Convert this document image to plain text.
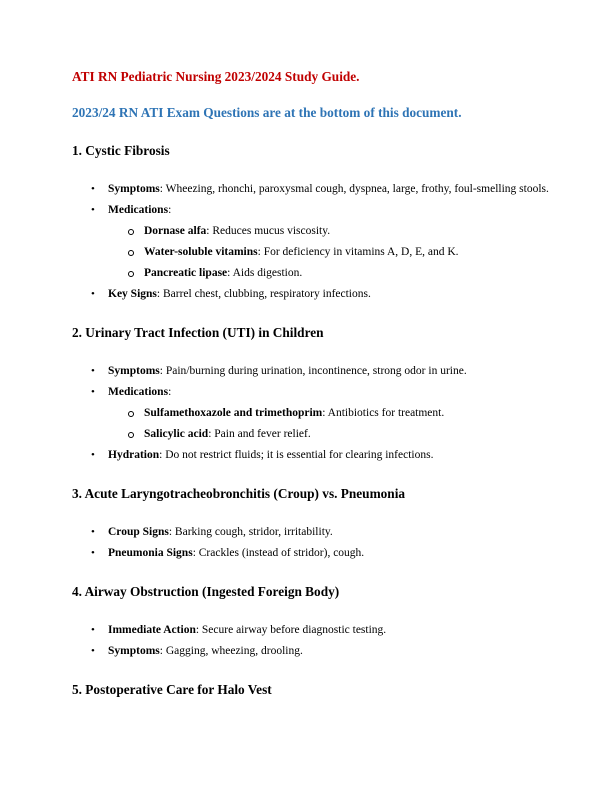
ATI RN Pediatric Nursing 2023/2024 Study Guide.
2023/24 RN ATI Exam Questions are at the bottom of this document.
1. Cystic Fibrosis
• Symptoms: Wheezing, rhonchi, paroxysmal cough, dyspnea, large, frothy, foul-smelling stools.
• Medications:
Dornase alfa: Reduces mucus viscosity.
Water-soluble vitamins: For deficiency in vitamins A, D, E, and K.
Pancreatic lipase: Aids digestion.
• Key Signs: Barrel chest, clubbing, respiratory infections.
2. Urinary Tract Infection (UTI) in Children
• Symptoms: Pain/burning during urination, incontinence, strong odor in urine.
• Medications:
Sulfamethoxazole and trimethoprim: Antibiotics for treatment.
Salicylic acid: Pain and fever relief.
• Hydration: Do not restrict fluids; it is essential for clearing infections.
3. Acute Laryngotracheobronchitis (Croup) vs. Pneumonia
• Croup Signs: Barking cough, stridor, irritability.
• Pneumonia Signs: Crackles (instead of stridor), cough.
4. Airway Obstruction (Ingested Foreign Body)
• Immediate Action: Secure airway before diagnostic testing.
• Symptoms: Gagging, wheezing, drooling.
5. Postoperative Care for Halo Vest
